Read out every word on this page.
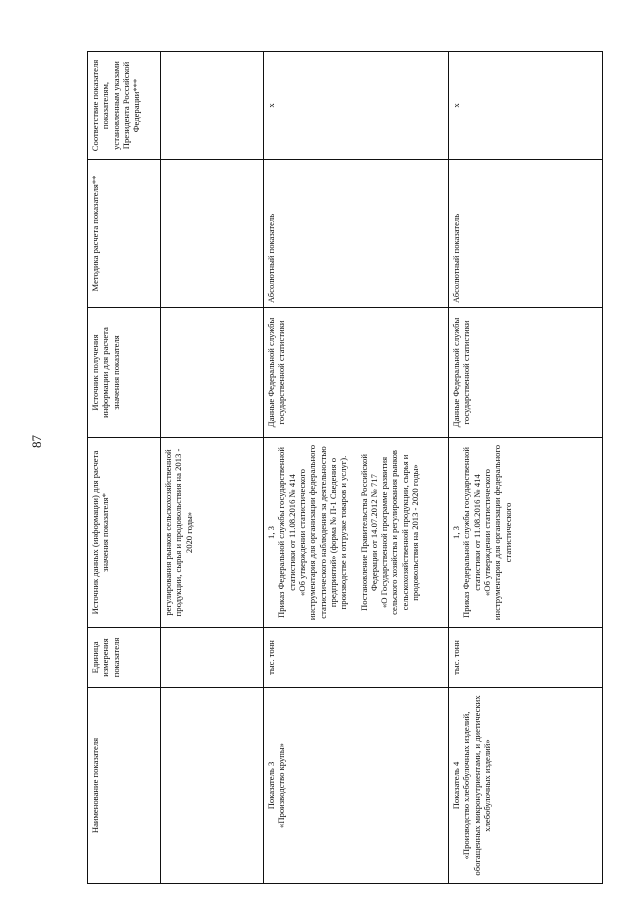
87
Наименование показателя	Единица измерения показателя	Источник данных (информации) для расчета значения показателя*	Источник получения информации для расчета значения показателя	Методика расчета показателя**	Соответствие показателя показателям, установленным указами Президента Российской Федерации***
		регулирования рынков сельскохозяйственной продукции, сырья и продовольствия на 2013 - 2020 годы»			

Показатель 3 «Производство крупы»	тыс. тонн	1, 3 Приказ Федеральной службы государственной статистики от 11.08.2016 № 414 «Об утверждении статистического инструментария для организации федерального статистического наблюдения за деятельностью предприятий» (форма № П-1 Сведения о производстве и отгрузке товаров и услуг). Постановление Правительства Российской Федерации от 14.07.2012 № 717 «О Государственной программе развития сельского хозяйства и регулирования рынков сельскохозяйственной продукции, сырья и продовольствия на 2013 - 2020 годы»	Данные Федеральной службы государственной статистики	Абсолютный показатель	х

Показатель 4 «Производство хлебобулочных изделий, обогащенных микронутриентами, и диетических хлебобулочных изделий»	тыс. тонн	1, 3 Приказ Федеральной службы государственной статистики от 11.08.2016 № 414 «Об утверждении статистического инструментария для организации федерального статистического	Данные Федеральной службы государственной статистики	Абсолютный показатель	х
